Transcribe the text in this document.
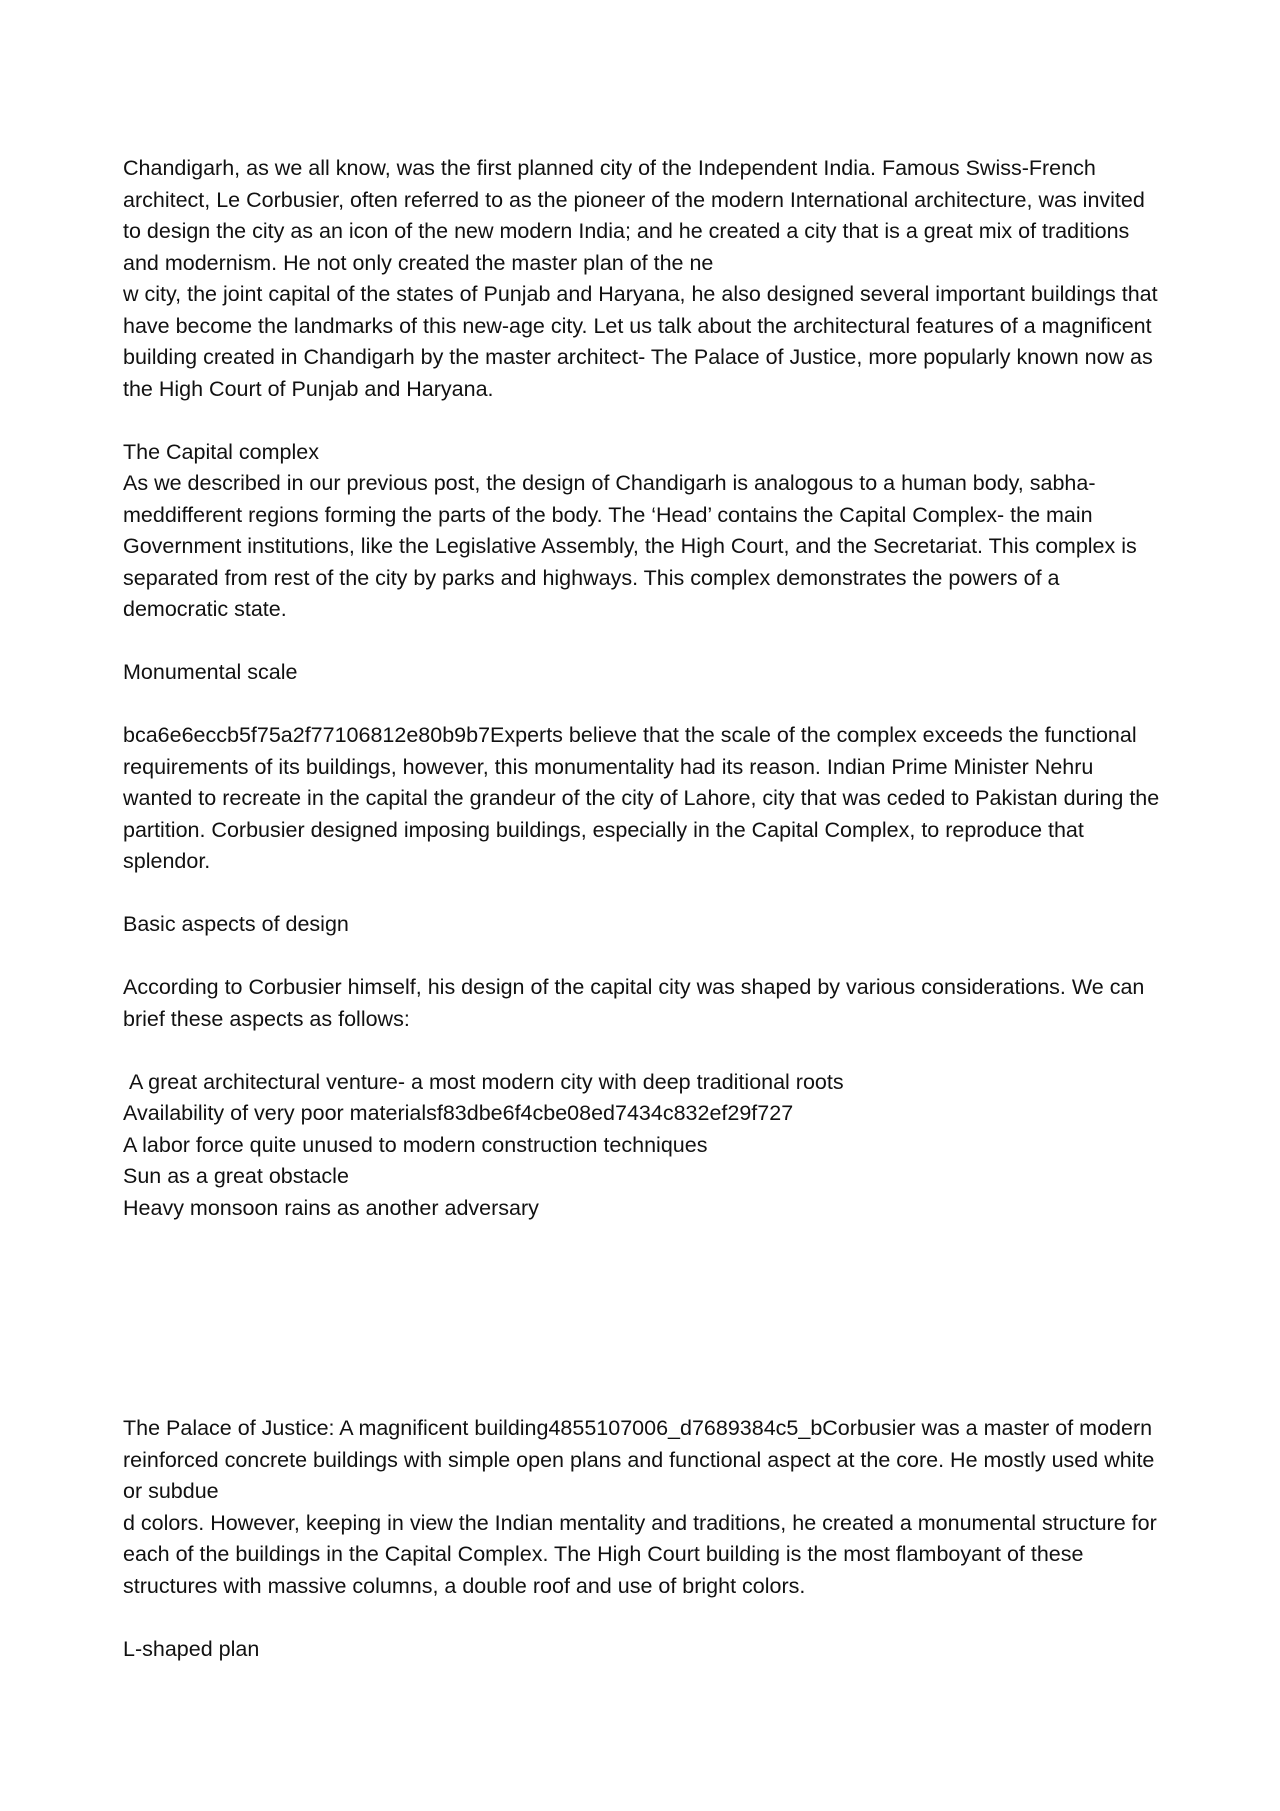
Chandigarh, as we all know, was the first planned city of the Independent India. Famous Swiss-French architect, Le Corbusier, often referred to as the pioneer of the modern International architecture, was invited to design the city as an icon of the new modern India; and he created a city that is a great mix of traditions and modernism. He not only created the master plan of the ne

w city, the joint capital of the states of Punjab and Haryana, he also designed several important buildings that have become the landmarks of this new-age city. Let us talk about the architectural features of a magnificent building created in Chandigarh by the master architect- The Palace of Justice, more popularly known now as the High Court of Punjab and Haryana.

The Capital complex

As we described in our previous post, the design of Chandigarh is analogous to a human body, sabha-meddifferent regions forming the parts of the body. The ‘Head’ contains the Capital Complex- the main Government institutions, like the Legislative Assembly, the High Court, and the Secretariat. This complex is separated from rest of the city by parks and highways. This complex demonstrates the powers of a democratic state.

Monumental scale

bca6e6eccb5f75a2f77106812e80b9b7Experts believe that the scale of the complex exceeds the functional requirements of its buildings, however, this monumentality had its reason. Indian Prime Minister Nehru wanted to recreate in the capital the grandeur of the city of Lahore, city that was ceded to Pakistan during the partition. Corbusier designed imposing buildings, especially in the Capital Complex, to reproduce that splendor.

Basic aspects of design

According to Corbusier himself, his design of the capital city was shaped by various considerations. We can brief these aspects as follows:

A great architectural venture- a most modern city with deep traditional roots

Availability of very poor materialsf83dbe6f4cbe08ed7434c832ef29f727

A labor force quite unused to modern construction techniques

Sun as a great obstacle

Heavy monsoon rains as another adversary

The Palace of Justice: A magnificent building4855107006_d7689384c5_bCorbusier was a master of modern reinforced concrete buildings with simple open plans and functional aspect at the core. He mostly used white or subdue

d colors. However, keeping in view the Indian mentality and traditions, he created a monumental structure for each of the buildings in the Capital Complex. The High Court building is the most flamboyant of these structures with massive columns, a double roof and use of bright colors.

L-shaped plan
